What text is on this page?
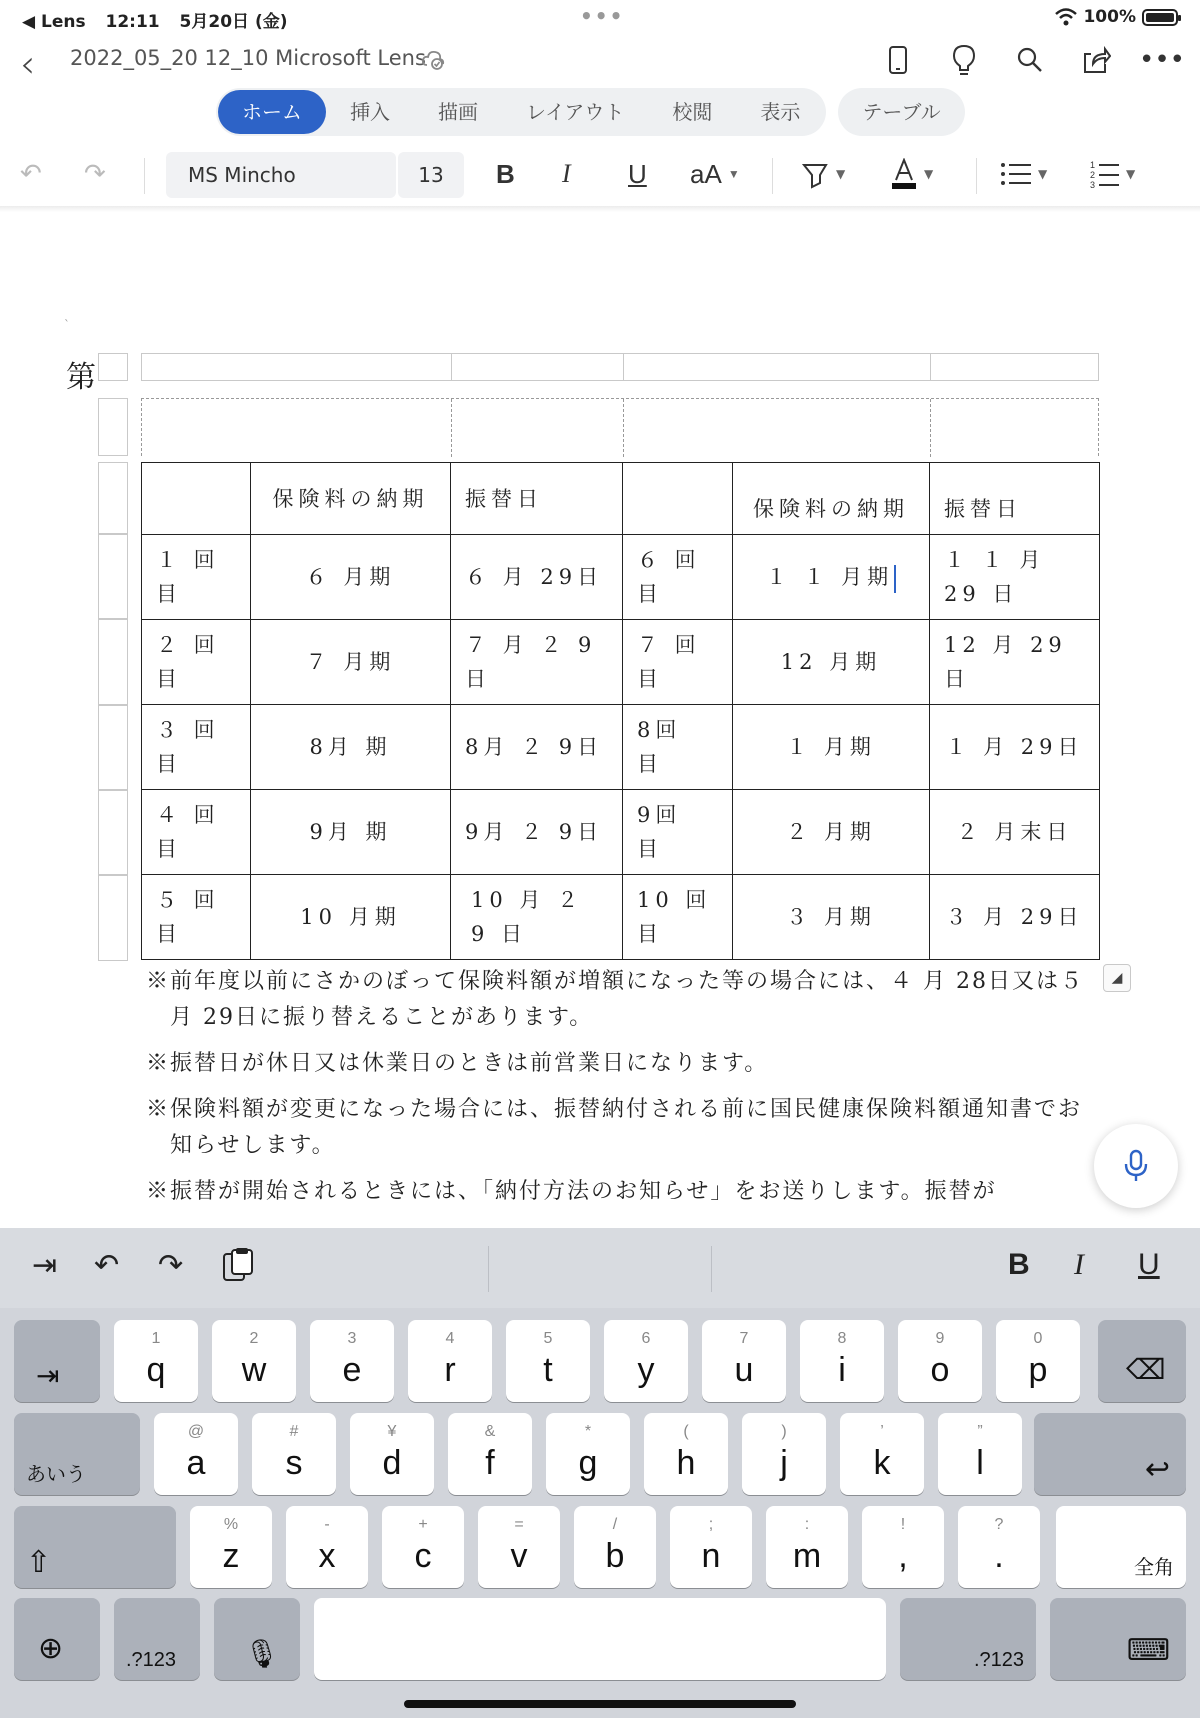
◀ Lens 12:11 5月20日 (金)	•••	100%
‹ 2022_05_20 12_10 Microsoft Lens	•••
ホーム	挿入	描画	レイアウト	校閲	表示	テーブル
↶ ↷	MS Mincho	13	B I U aA ▼	▼	▼	▼
1
2
3
▼
`
第
	保険料の納期	振替日		保険料の納期	振替日
１ 回 目	６ 月期	６ 月 29日	６ 回 目	１ １ 月期	１ １ 月 29 日
２ 回目	７ 月期	７ 月 ２ 9日	７ 回 目	12 月期	12 月 29 日
３ 回目	8月 期	8月 ２ 9日	8回 目	１ 月期	１ 月 29日
４ 回目	9月 期	9月 ２ 9日	9回 目	２ 月期	２ 月末日
５ 回目	10 月期	10 月 ２ 9 日	10 回 目	３ 月期	３ 月 29日
◢

※前年度以前にさかのぼって保険料額が増額になった等の場合には、４ 月 28日又は５ 月 29日に振り替えることがあります。

※振替日が休日又は休業日のときは前営業日になります。

※保険料額が変更になった場合には、振替納付される前に国民健康保険料額通知書でお知らせします。

※振替が開始されるときには、「納付方法のお知らせ」をお送りします。振替が

⇥ ↶ ↷	B I U
⇥
1
q
2
w
3
e
4
r
5
t
6
y
7
u
8
i
9
o
0
p	⌫
あいう
@
a
#
s
¥
d
&
f
*
g
(
h
)
j
’
k
”
l	↩
⇧
%
z
-
x
+
c
=
v
/
b
;
n
:
m
!
,
?
.	全角
⊕	.?123 🎙	.?123	⌨
